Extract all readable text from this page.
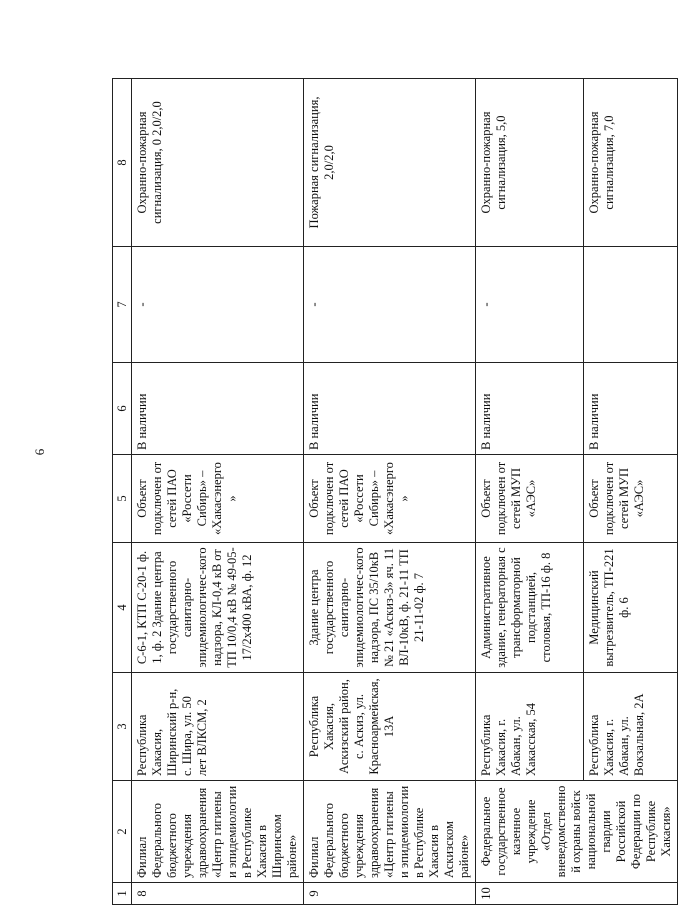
6
1	2	3	4	5	6	7	8
8	Филиал Федерального бюджетного учреждения здравоохранения «Центр гигиены и эпидемиологии в Республике Хакасия в Ширинском районе»	Республика Хакасия, Ширинский р-н, с. Шира, ул. 50 лет ВЛКСМ, 2	С-6-1, КТП С-20-1 ф. 1, ф. 2 Здание центра государственного санитарно-эпидемиологичес-кого надзора, КЛ-0,4 кВ от ТП 10/0,4 кВ № 49-05-17/2х400 кВА, ф. 12	Объект подключен от сетей ПАО «Россети Сибирь» – «Хакасэнерго»	В наличии	-	Охранно-пожарная сигнализация, 0 2,0/2,0
9	Филиал Федерального бюджетного учреждения здравоохранения «Центр гигиены и эпидемиологии в Республике Хакасия в Аскизском районе»	Республика Хакасия, Аскизский район, с. Аскиз, ул. Красноармейская, 13А	Здание центра государственного санитарно-эпидемиологичес-кого надзора, ПС 35/10кВ № 21 «Аскиз-3» яч. 11 ВЛ-10кВ, ф. 21-11 ТП 21-11-02 ф. 7	Объект подключен от сетей ПАО «Россети Сибирь» – «Хакасэнерго»	В наличии	-	Пожарная сигнализация, 2,0/2,0
10	Федеральное государственное казенное учреждение «Отдел вневедомственной охраны войск национальной гвардии Российской Федерации по Республике Хакасия»	Республика Хакасия, г. Абакан, ул. Хакасская, 54	Административное здание, генераторная с трансформаторной подстанцией, столовая, ТП-16 ф. 8	Объект подключен от сетей МУП «АЭС»	В наличии	-	Охранно-пожарная сигнализация, 5,0
		Республика Хакасия, г. Абакан, ул. Вокзальная, 2А	Медицинский вытрезвитель, ТП-221 ф. 6	Объект подключен от сетей МУП «АЭС»	В наличии		Охранно-пожарная сигнализация, 7,0
